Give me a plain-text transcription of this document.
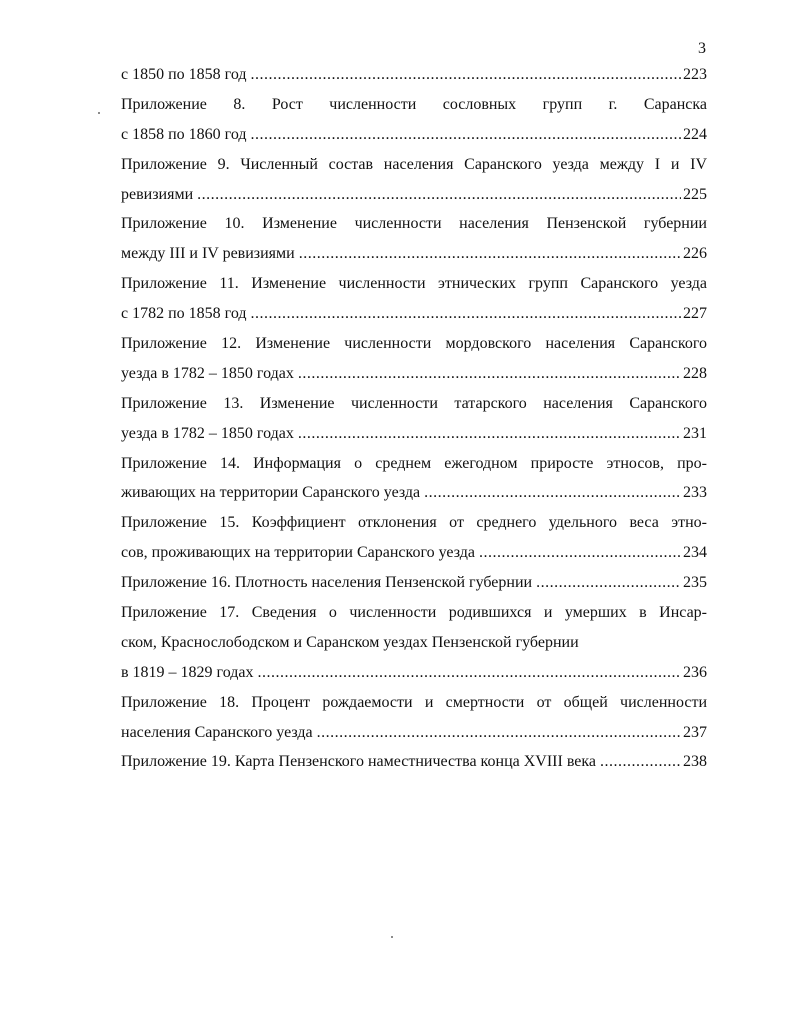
3
с 1850 по 1858 год .....	223
Приложение 8. Рост численности сословных групп г. Саранска
с 1858 по 1860 год .....	224
Приложение 9. Численный состав населения Саранского уезда между I и IV
ревизиями .....	225
Приложение 10. Изменение численности населения Пензенской губернии
между III и IV ревизиями .....	226
Приложение 11. Изменение численности этнических групп Саранского уезда
с 1782 по 1858 год .....	227
Приложение 12. Изменение численности мордовского населения Саранского
уезда в 1782 – 1850 годах .....	228
Приложение 13. Изменение численности татарского населения Саранского
уезда в 1782 – 1850 годах .....	231
Приложение 14. Информация о среднем ежегодном приросте этносов, про-
живающих на территории Саранского уезда .....	233
Приложение 15. Коэффициент отклонения от среднего удельного веса этно-
сов, проживающих на территории Саранского уезда .....	234
Приложение 16. Плотность населения Пензенской губернии .....	235
Приложение 17. Сведения о численности родившихся и умерших в Инсар-
ском, Краснослободском и Саранском уездах Пензенской губернии
в 1819 – 1829 годах .....	236
Приложение 18. Процент рождаемости и смертности от общей численности
населения Саранского уезда .....	237
Приложение 19. Карта Пензенского наместничества конца XVIII века .....	238
